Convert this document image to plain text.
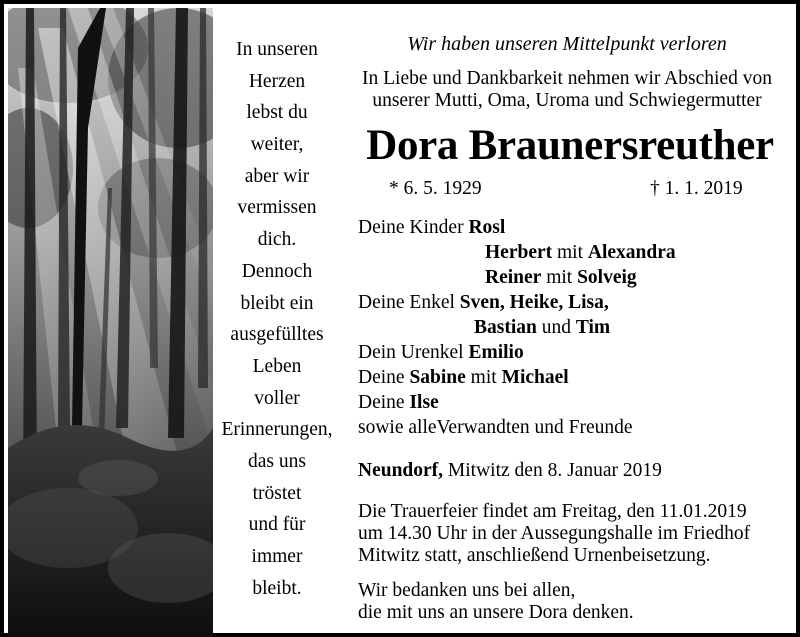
In unseren
Herzen
lebst du
weiter,
aber wir
vermissen
dich.
Dennoch
bleibt ein
ausgefülltes
Leben
voller
Erinnerungen,
das uns
tröstet
und für
immer
bleibt.
Wir haben unseren Mittelpunkt verloren
In Liebe und Dankbarkeit nehmen wir Abschied von
unserer Mutti, Oma, Uroma und Schwiegermutter
Dora Braunersreuther
* 6. 5. 1929	† 1. 1. 2019
Deine Kinder Rosl
Herbert mit Alexandra
Reiner mit Solveig
Deine Enkel Sven, Heike, Lisa,
Bastian und Tim
Dein Urenkel Emilio
Deine Sabine mit Michael
Deine Ilse
sowie alleVerwandten und Freunde
Neundorf, Mitwitz den 8. Januar 2019
Die Trauerfeier findet am Freitag, den 11.01.2019
um 14.30 Uhr in der Aussegungshalle im Friedhof
Mitwitz statt, anschließend Urnenbeisetzung.
Wir bedanken uns bei allen,
die mit uns an unsere Dora denken.
